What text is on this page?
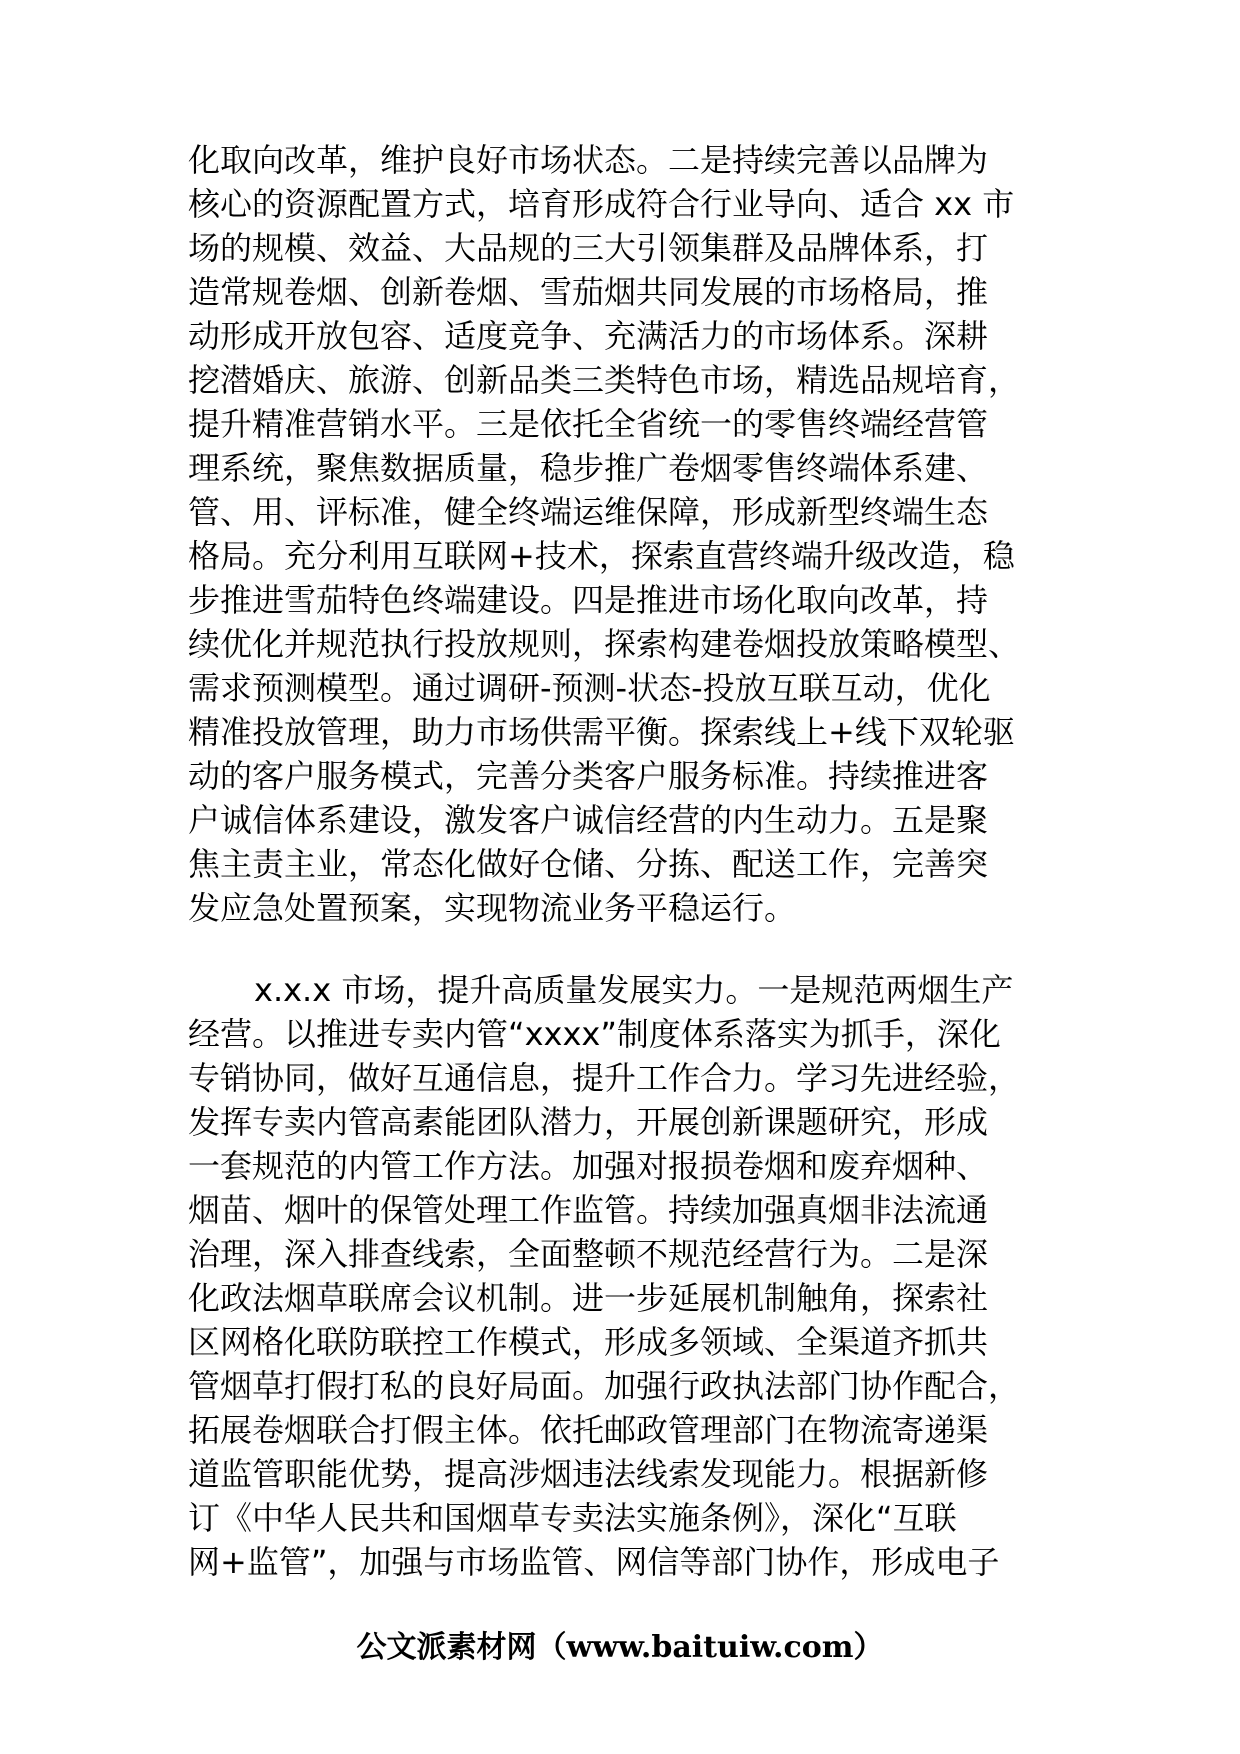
化取向改革，维护良好市场状态。二是持续完善以品牌为
核心的资源配置方式，培育形成符合行业导向、适合 xx 市
场的规模、效益、大品规的三大引领集群及品牌体系，打
造常规卷烟、创新卷烟、雪茄烟共同发展的市场格局，推
动形成开放包容、适度竞争、充满活力的市场体系。深耕
挖潜婚庆、旅游、创新品类三类特色市场，精选品规培育，
提升精准营销水平。三是依托全省统一的零售终端经营管
理系统，聚焦数据质量，稳步推广卷烟零售终端体系建、
管、用、评标准，健全终端运维保障，形成新型终端生态
格局。充分利用互联网+技术，探索直营终端升级改造，稳
步推进雪茄特色终端建设。四是推进市场化取向改革，持
续优化并规范执行投放规则，探索构建卷烟投放策略模型、
需求预测模型。通过调研-预测-状态-投放互联互动，优化
精准投放管理，助力市场供需平衡。探索线上+线下双轮驱
动的客户服务模式，完善分类客户服务标准。持续推进客
户诚信体系建设，激发客户诚信经营的内生动力。五是聚
焦主责主业，常态化做好仓储、分拣、配送工作，完善突
发应急处置预案，实现物流业务平稳运行。
x.x.x 市场，提升高质量发展实力。一是规范两烟生产
经营。以推进专卖内管“xxxx”制度体系落实为抓手，深化
专销协同，做好互通信息，提升工作合力。学习先进经验，
发挥专卖内管高素能团队潜力，开展创新课题研究，形成
一套规范的内管工作方法。加强对报损卷烟和废弃烟种、
烟苗、烟叶的保管处理工作监管。持续加强真烟非法流通
治理，深入排查线索，全面整顿不规范经营行为。二是深
化政法烟草联席会议机制。进一步延展机制触角，探索社
区网格化联防联控工作模式，形成多领域、全渠道齐抓共
管烟草打假打私的良好局面。加强行政执法部门协作配合，
拓展卷烟联合打假主体。依托邮政管理部门在物流寄递渠
道监管职能优势，提高涉烟违法线索发现能力。根据新修
订《中华人民共和国烟草专卖法实施条例》，深化“互联
网+监管”，加强与市场监管、网信等部门协作，形成电子
公文派素材网（www.baituiw.com）
